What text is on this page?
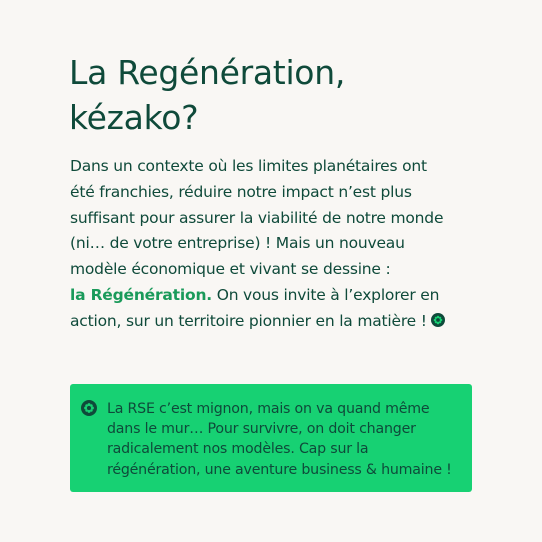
La Regénération,
kézako?

Dans un contexte où les limites planétaires ont
été franchies, réduire notre impact n’est plus
suffisant pour assurer la viabilité de notre monde
(ni… de votre entreprise) ! Mais un nouveau
modèle économique et vivant se dessine :
la Régénération. On vous invite à l’explorer en
action, sur un territoire pionnier en la matière !

La RSE c’est mignon, mais on va quand même
dans le mur… Pour survivre, on doit changer
radicalement nos modèles. Cap sur la
régénération, une aventure business & humaine !
